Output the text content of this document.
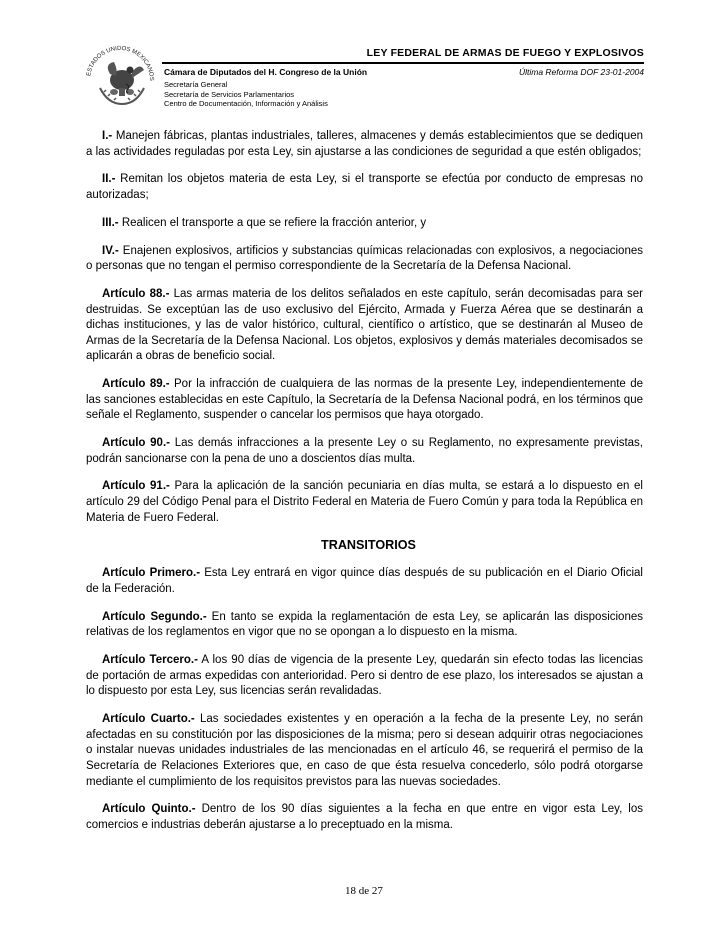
ESTADOS UNIDOS MEXICANOS
LEY FEDERAL DE ARMAS DE FUEGO Y EXPLOSIVOS
Cámara de Diputados del H. Congreso de la Unión	Última Reforma DOF 23-01-2004
Secretaría General
Secretaría de Servicios Parlamentarios
Centro de Documentación, Información y Análisis

I.- Manejen fábricas, plantas industriales, talleres, almacenes y demás establecimientos que se dediquen a las actividades reguladas por esta Ley, sin ajustarse a las condiciones de seguridad a que estén obligados;

II.- Remitan los objetos materia de esta Ley, si el transporte se efectúa por conducto de empresas no autorizadas;

III.- Realicen el transporte a que se refiere la fracción anterior, y

IV.- Enajenen explosivos, artificios y substancias químicas relacionadas con explosivos, a negociaciones o personas que no tengan el permiso correspondiente de la Secretaría de la Defensa Nacional.

Artículo 88.- Las armas materia de los delitos señalados en este capítulo, serán decomisadas para ser destruidas. Se exceptúan las de uso exclusivo del Ejército, Armada y Fuerza Aérea que se destinarán a dichas instituciones, y las de valor histórico, cultural, científico o artístico, que se destinarán al Museo de Armas de la Secretaría de la Defensa Nacional. Los objetos, explosivos y demás materiales decomisados se aplicarán a obras de beneficio social.

Artículo 89.- Por la infracción de cualquiera de las normas de la presente Ley, independientemente de las sanciones establecidas en este Capítulo, la Secretaría de la Defensa Nacional podrá, en los términos que señale el Reglamento, suspender o cancelar los permisos que haya otorgado.

Artículo 90.- Las demás infracciones a la presente Ley o su Reglamento, no expresamente previstas, podrán sancionarse con la pena de uno a doscientos días multa.

Artículo 91.- Para la aplicación de la sanción pecuniaria en días multa, se estará a lo dispuesto en el artículo 29 del Código Penal para el Distrito Federal en Materia de Fuero Común y para toda la República en Materia de Fuero Federal.

TRANSITORIOS

Artículo Primero.- Esta Ley entrará en vigor quince días después de su publicación en el Diario Oficial de la Federación.

Artículo Segundo.- En tanto se expida la reglamentación de esta Ley, se aplicarán las disposiciones relativas de los reglamentos en vigor que no se opongan a lo dispuesto en la misma.

Artículo Tercero.- A los 90 días de vigencia de la presente Ley, quedarán sin efecto todas las licencias de portación de armas expedidas con anterioridad. Pero si dentro de ese plazo, los interesados se ajustan a lo dispuesto por esta Ley, sus licencias serán revalidadas.

Artículo Cuarto.- Las sociedades existentes y en operación a la fecha de la presente Ley, no serán afectadas en su constitución por las disposiciones de la misma; pero si desean adquirir otras negociaciones o instalar nuevas unidades industriales de las mencionadas en el artículo 46, se requerirá el permiso de la Secretaría de Relaciones Exteriores que, en caso de que ésta resuelva concederlo, sólo podrá otorgarse mediante el cumplimiento de los requisitos previstos para las nuevas sociedades.

Artículo Quinto.- Dentro de los 90 días siguientes a la fecha en que entre en vigor esta Ley, los comercios e industrias deberán ajustarse a lo preceptuado en la misma.

18 de 27
